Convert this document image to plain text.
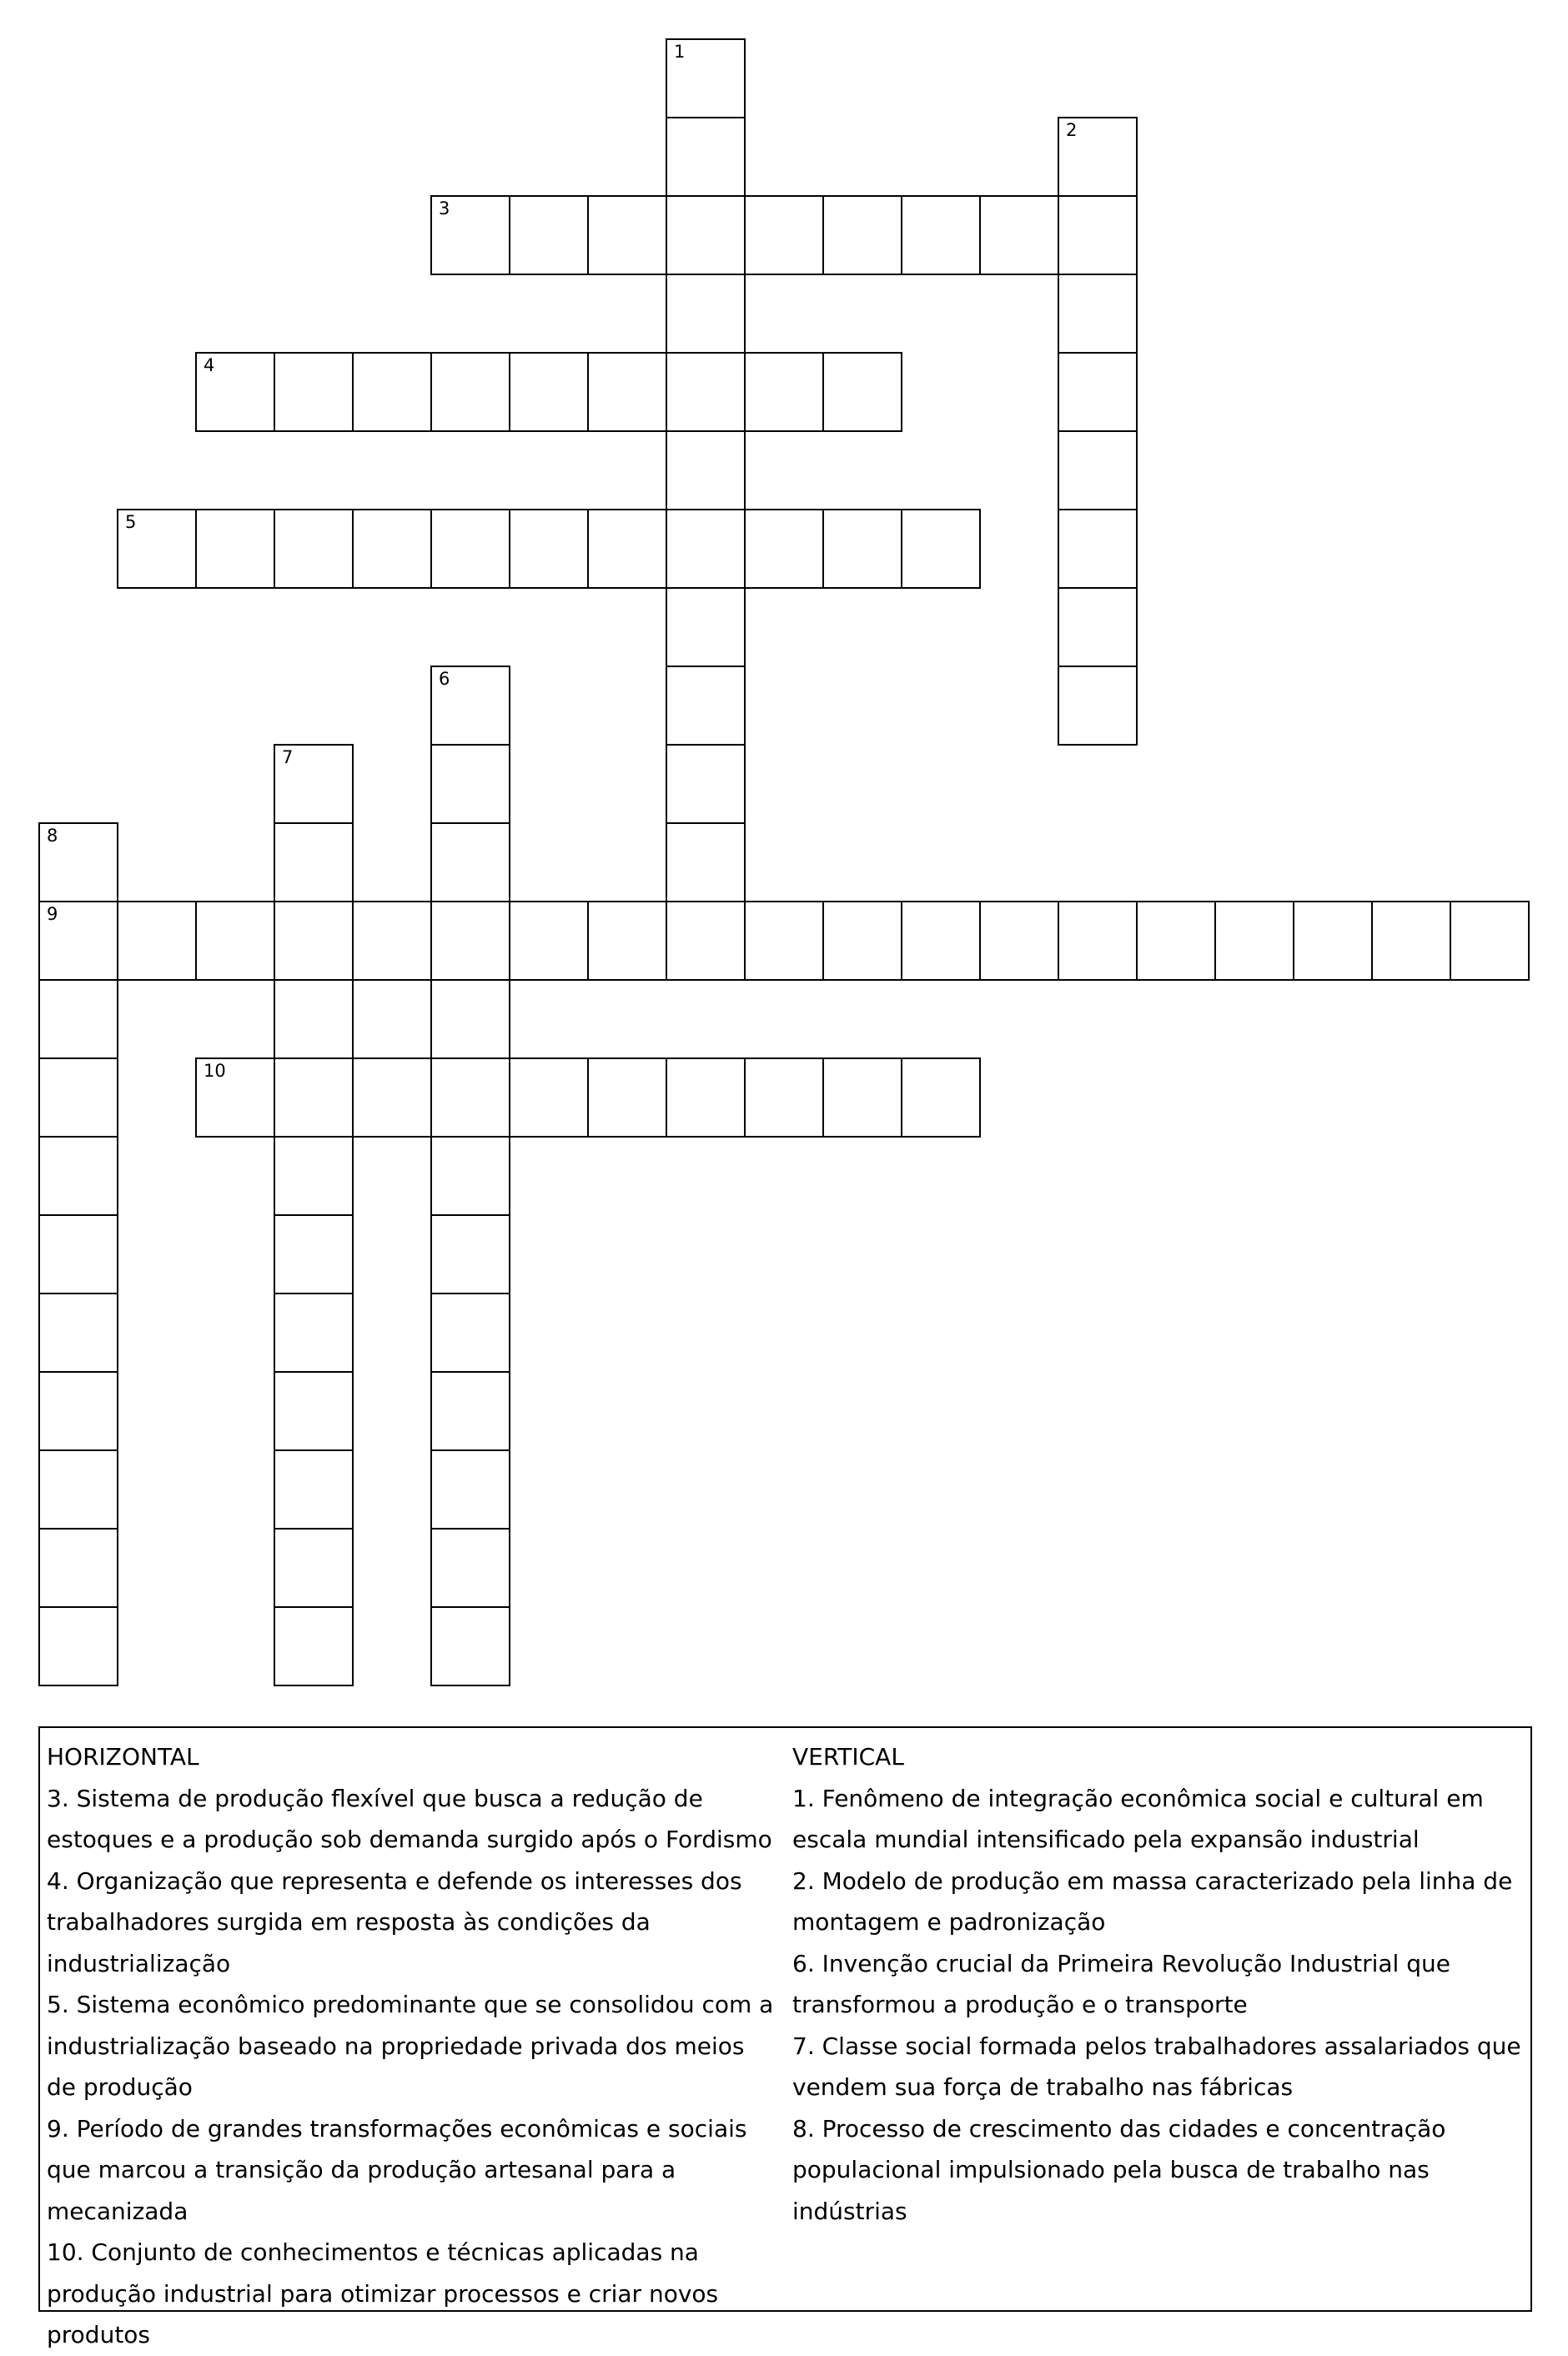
1
2
3
4
5
6
7
8
9
10
HORIZONTAL
3. Sistema de produção flexível que busca a redução de estoques e a produção sob demanda surgido após o Fordismo
4. Organização que representa e defende os interesses dos trabalhadores surgida em resposta às condições da industrialização
5. Sistema econômico predominante que se consolidou com a industrialização baseado na propriedade privada dos meios de produção
9. Período de grandes transformações econômicas e sociais que marcou a transição da produção artesanal para a mecanizada
10. Conjunto de conhecimentos e técnicas aplicadas na produção industrial para otimizar processos e criar novos produtos
VERTICAL
1. Fenômeno de integração econômica social e cultural em escala mundial intensificado pela expansão industrial
2. Modelo de produção em massa caracterizado pela linha de montagem e padronização
6. Invenção crucial da Primeira Revolução Industrial que transformou a produção e o transporte
7. Classe social formada pelos trabalhadores assalariados que vendem sua força de trabalho nas fábricas
8. Processo de crescimento das cidades e concentração populacional impulsionado pela busca de trabalho nas indústrias
